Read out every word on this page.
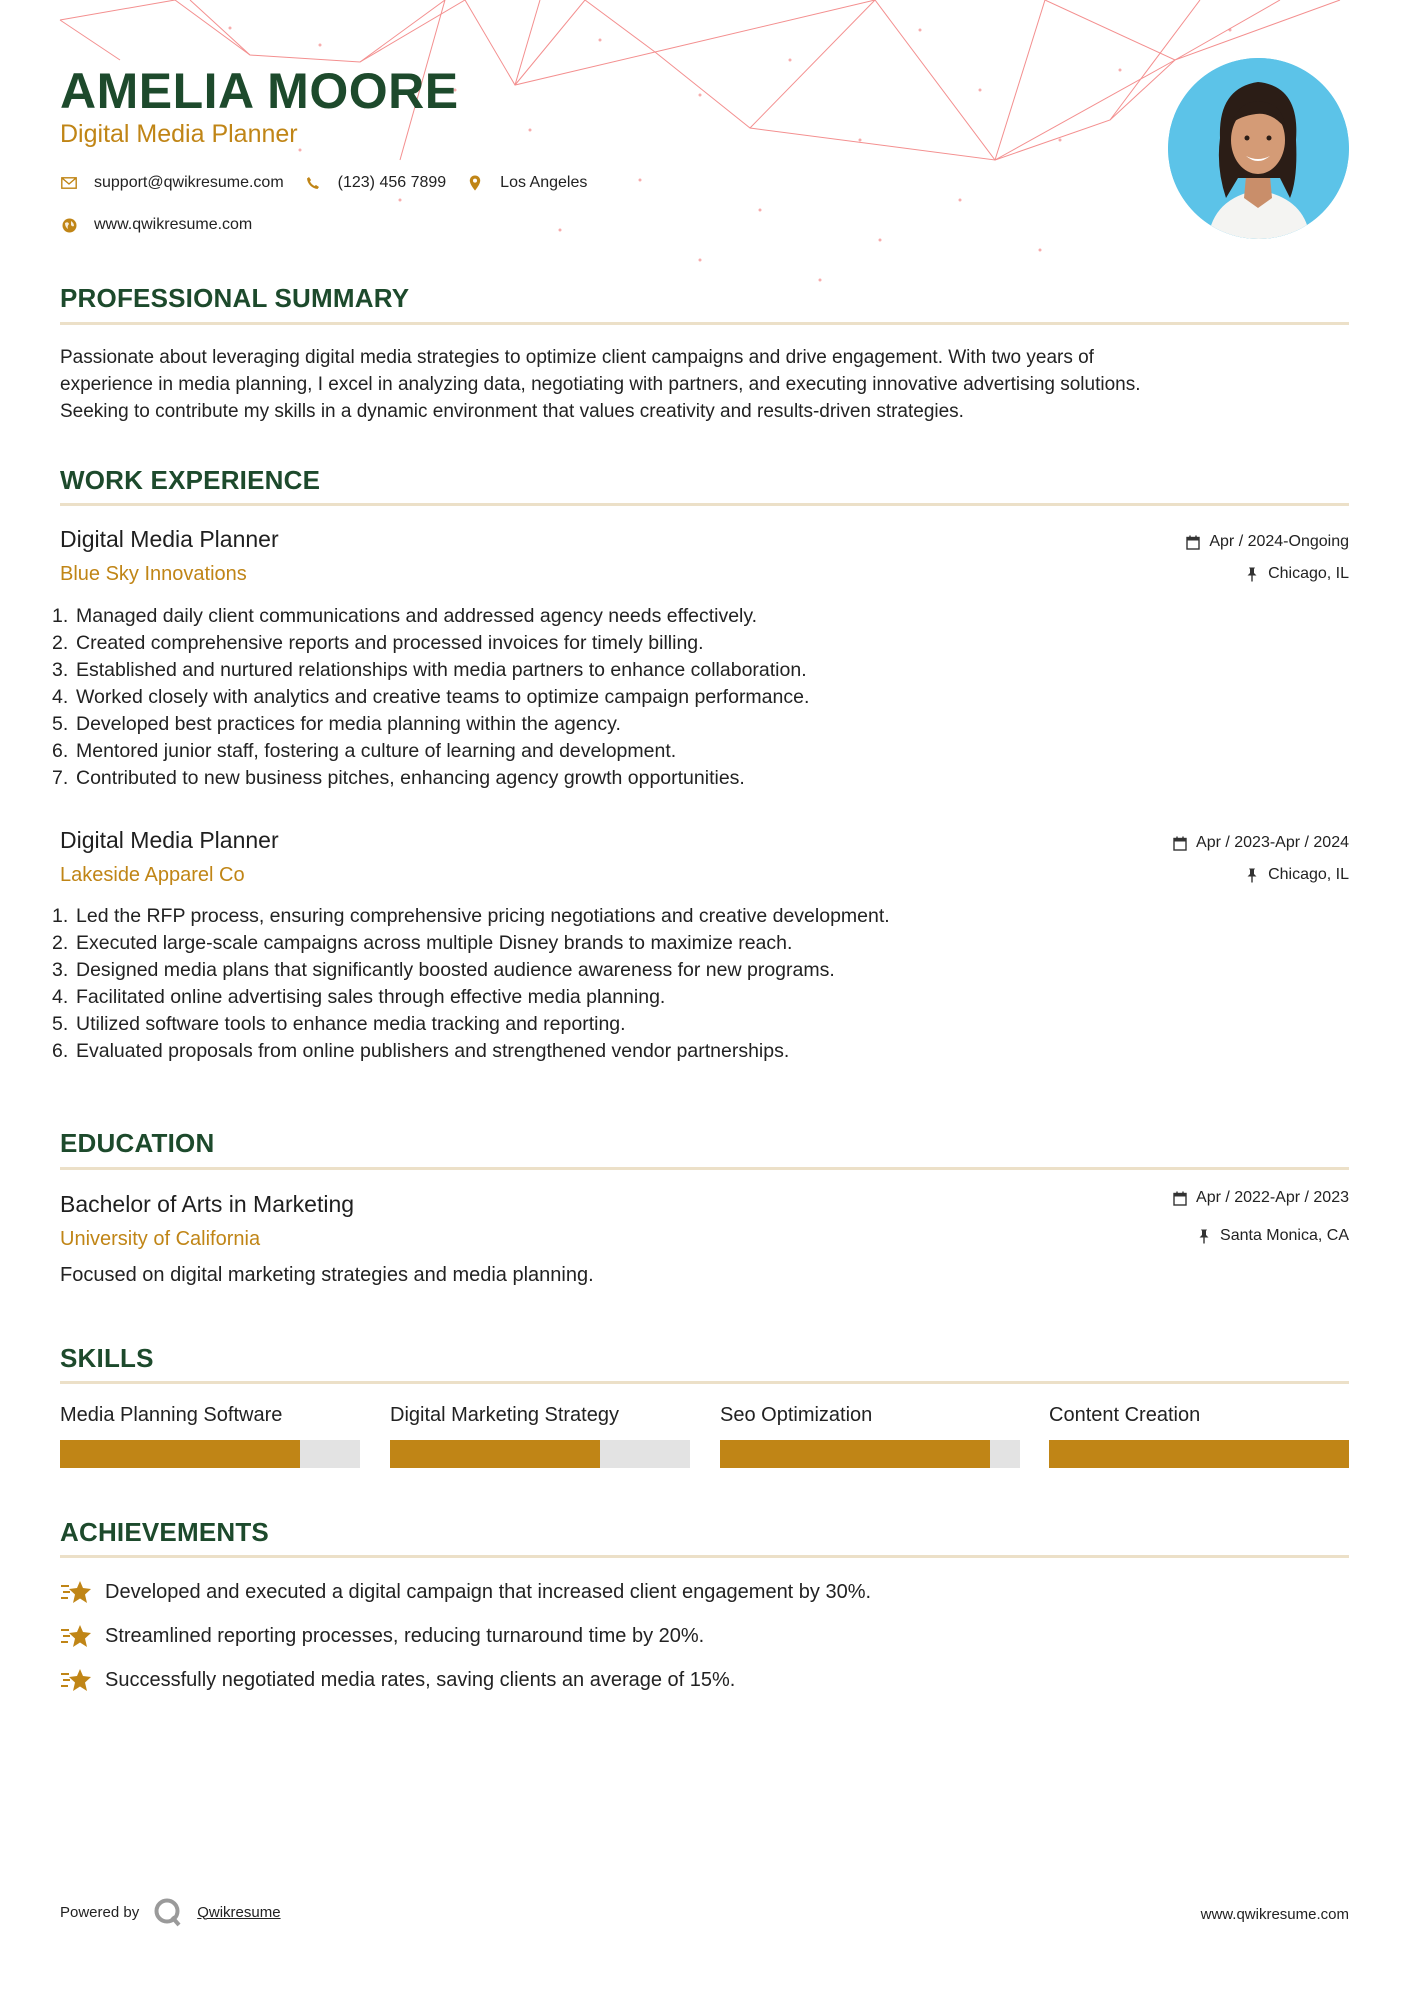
AMELIA MOORE
Digital Media Planner
support@qwikresume.com	(123) 456 7899	Los Angeles
www.qwikresume.com
PROFESSIONAL SUMMARY
Passionate about leveraging digital media strategies to optimize client campaigns and drive engagement. With two years of
experience in media planning, I excel in analyzing data, negotiating with partners, and executing innovative advertising solutions.
Seeking to contribute my skills in a dynamic environment that values creativity and results-driven strategies.
WORK EXPERIENCE
Digital Media Planner
Blue Sky Innovations
Apr / 2024-Ongoing
Chicago, IL
1. Managed daily client communications and addressed agency needs effectively.
2. Created comprehensive reports and processed invoices for timely billing.
3. Established and nurtured relationships with media partners to enhance collaboration.
4. Worked closely with analytics and creative teams to optimize campaign performance.
5. Developed best practices for media planning within the agency.
6. Mentored junior staff, fostering a culture of learning and development.
7. Contributed to new business pitches, enhancing agency growth opportunities.
Digital Media Planner
Lakeside Apparel Co
Apr / 2023-Apr / 2024
Chicago, IL
1. Led the RFP process, ensuring comprehensive pricing negotiations and creative development.
2. Executed large-scale campaigns across multiple Disney brands to maximize reach.
3. Designed media plans that significantly boosted audience awareness for new programs.
4. Facilitated online advertising sales through effective media planning.
5. Utilized software tools to enhance media tracking and reporting.
6. Evaluated proposals from online publishers and strengthened vendor partnerships.
EDUCATION
Bachelor of Arts in Marketing
University of California
Apr / 2022-Apr / 2023
Santa Monica, CA
Focused on digital marketing strategies and media planning.
SKILLS
Media Planning Software	Digital Marketing Strategy	Seo Optimization	Content Creation
ACHIEVEMENTS
Developed and executed a digital campaign that increased client engagement by 30%.
Streamlined reporting processes, reducing turnaround time by 20%.
Successfully negotiated media rates, saving clients an average of 15%.
Powered by	Qwikresume	www.qwikresume.com
